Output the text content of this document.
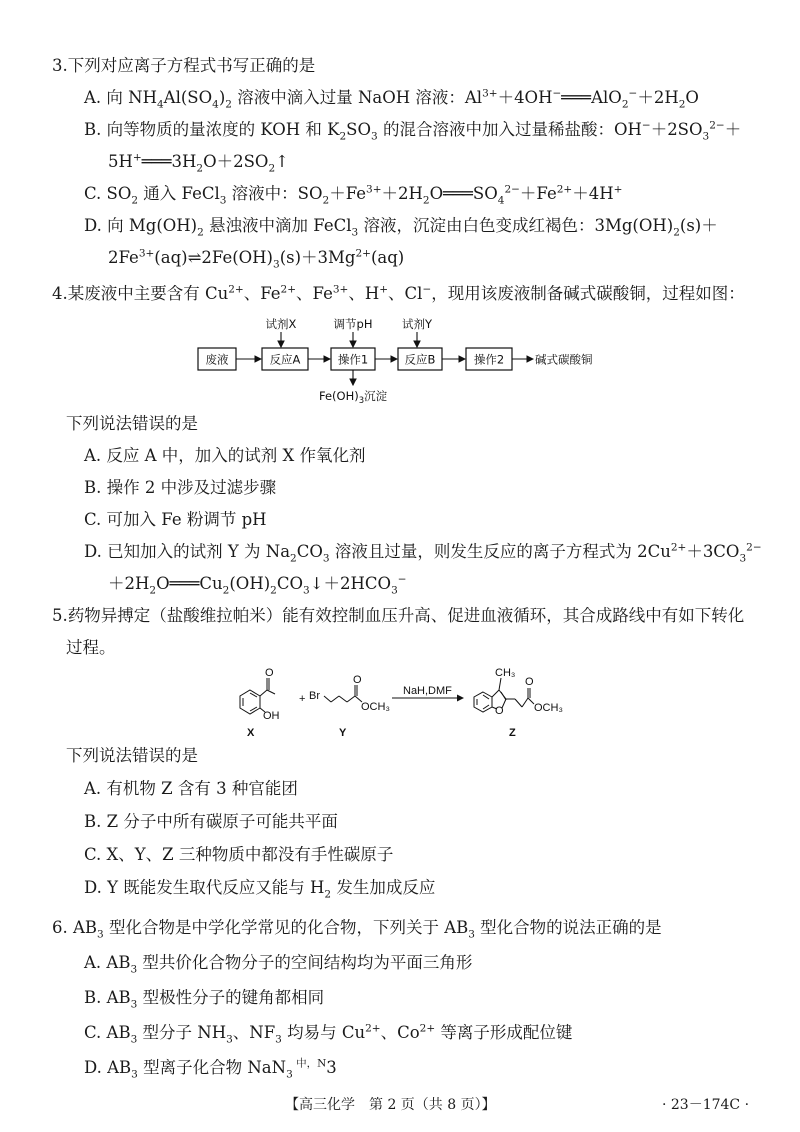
3.下列对应离子方程式书写正确的是
A. 向 $NH_4Al(SO_4)_2$ 溶液中滴入过量 NaOH 溶液：$Al^{3+}+4OH^-═══AlO_2^-+2H_2O$
B. 向等物质的量浓度的 KOH 和 $K_2SO_3$ 的混合溶液中加入过量稀盐酸：$OH^-+2SO_3^{2-}+$
$5H^+═══3H_2O+2SO_2↑$
C. $SO_2$ 通入 FeCl$_3$ 溶液中：$SO_2+Fe^{3+}+2H_2O═══SO_4^{2-}+Fe^{2+}+4H^+$
D. 向 $Mg(OH)_2$ 悬浊液中滴加 FeCl$_3$ 溶液，沉淀由白色变成红褐色：$3Mg(OH)_2(s)+$
$2Fe^{3+}(aq)\rightleftharpoons 2Fe(OH)_3(s)+3Mg^{2+}(aq)$
4.某废液中主要含有 $Cu^{2+}$、$Fe^{2+}$、$Fe^{3+}$、H+、Cl−，现用该废液制备碱式碳酸铜，过程如图：
废液	反应A	操作1	反应B	操作2	碱式碳酸铜
试剂X	调节pH	试剂Y
$Fe(OH)_3$沉淀
下列说法错误的是
A. 反应 A 中，加入的试剂 X 作氧化剂
B. 操作 2 中涉及过滤步骤
C. 可加入 Fe 粉调节 pH
D. 已知加入的试剂 Y 为 $Na_2CO_3$ 溶液且过量，则发生反应的离子方程式为 $2Cu^{2+}+3CO_3^{2-}$
$+2H_2O═══Cu_2(OH)_2CO_3↓+2HCO_3^-$
5.药物异搏定（盐酸维拉帕米）能有效控制血压升高、促进血液循环，其合成路线中有如下转化
过程。
O
OH
+ Br
O
OCH₃
NaH,DMF
CH₃
O
O
OCH₃
X	Y	Z
下列说法错误的是
A. 有机物 Z 含有 3 种官能团
B. Z 分子中所有碳原子可能共平面
C. X、Y、Z 三种物质中都没有手性碳原子
D. Y 既能发生取代反应又能与 $H_2$ 发生加成反应
6. $AB_3$ 型化合物是中学化学常见的化合物，下列关于 $AB_3$ 型化合物的说法正确的是
A. $AB_3$ 型共价化合物分子的空间结构均为平面三角形
B. $AB_3$ 型极性分子的键角都相同
C. $AB_3$ 型分子 $NH_3$、$NF_3$ 均易与 $Cu^{2+}$、$Co^{2+}$ 等离子形成配位键
D. $AB_3$ 型离子化合物 NaN$_3$ $^{中,N}$3
【高三化学　第 2 页（共 8 页）】	· 23－174C ·
